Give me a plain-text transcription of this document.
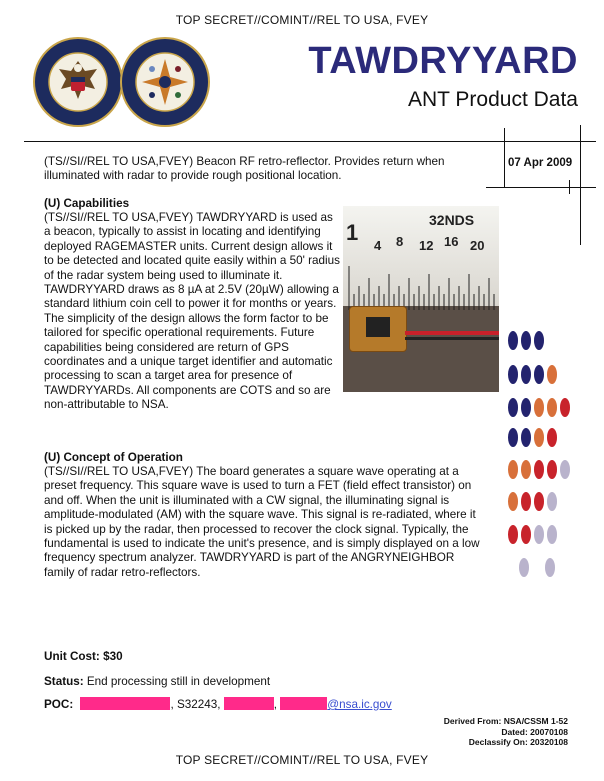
TOP SECRET//COMINT//REL TO USA, FVEY
TAWDRYYARD
ANT Product Data
(TS//SI//REL TO USA,FVEY) Beacon RF retro-reflector. Provides return when illuminated with radar to provide rough positional location.
07 Apr 2009
(U) Capabilities
(TS//SI//REL TO USA,FVEY) TAWDRYYARD is used as a beacon, typically to assist in locating and identifying deployed RAGEMASTER units. Current design allows it to be detected and located quite easily within a 50' radius of the radar system being used to illuminate it. TAWDRYYARD draws as 8 µA at 2.5V (20µW) allowing a standard lithium coin cell to power it for months or years. The simplicity of the design allows the form factor to be tailored for specific operational requirements. Future capabilities being considered are return of GPS coordinates and a unique target identifier and automatic processing to scan a target area for presence of TAWDRYYARDs. All components are COTS and so are non-attributable to NSA.
32NDS
1
4 8 12 16 20
(U) Concept of Operation
(TS//SI//REL TO USA,FVEY) The board generates a square wave operating at a preset frequency. This square wave is used to turn a FET (field effect transistor) on and off. When the unit is illuminated with a CW signal, the illuminating signal is amplitude-modulated (AM) with the square wave. This signal is re-radiated, where it is picked up by the radar, then processed to recover the clock signal. Typically, the fundamental is used to indicate the unit's presence, and is simply displayed on a low frequency spectrum analyzer. TAWDRYYARD is part of the ANGRYNEIGHBOR family of radar retro-reflectors.
Unit Cost: $30
Status: End processing still in development
POC:	, S32243,	,	@nsa.ic.gov
Derived From: NSA/CSSM 1-52
Dated: 20070108
Declassify On: 20320108
TOP SECRET//COMINT//REL TO USA, FVEY
